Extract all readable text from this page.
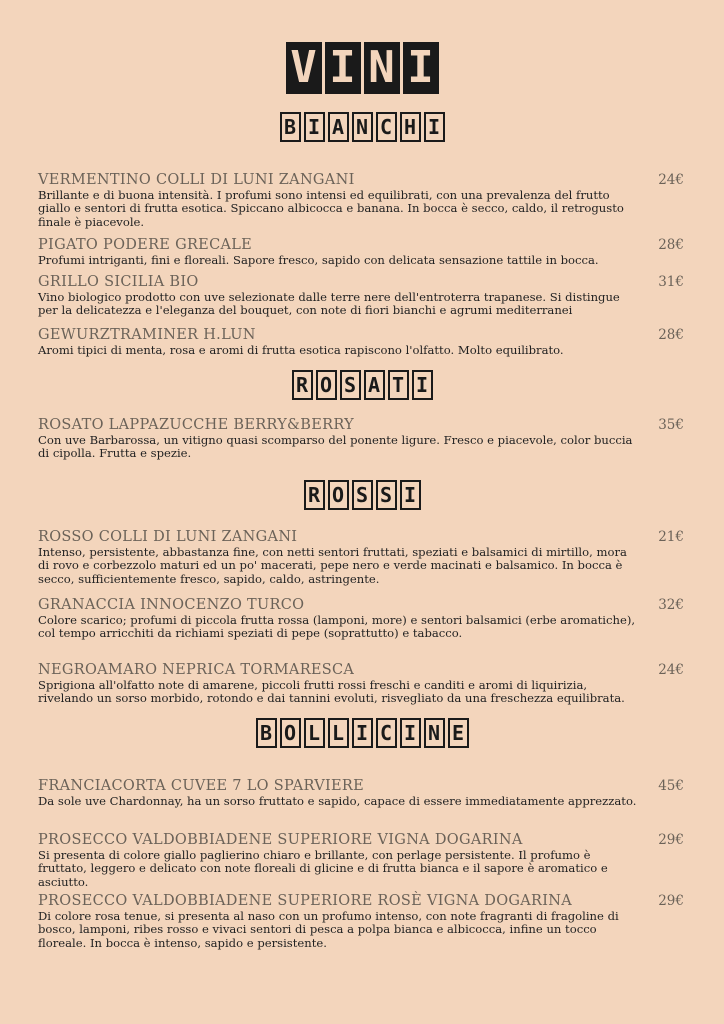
V I N I
B I A N C H I
VERMENTINO COLLI DI LUNI ZANGANI	24€
Brillante e di buona intensità. I profumi sono intensi ed equilibrati, con una prevalenza del frutto giallo e sentori di frutta esotica. Spiccano albicocca e banana. In bocca è secco, caldo, il retrogusto finale è piacevole.
PIGATO PODERE GRECALE	28€
Profumi intriganti, fini e floreali. Sapore fresco, sapido con delicata sensazione tattile in bocca.
GRILLO SICILIA BIO	31€
Vino biologico prodotto con uve selezionate dalle terre nere dell'entroterra trapanese. Si distingue per la delicatezza e l'eleganza del bouquet, con note di fiori bianchi e agrumi mediterranei
GEWURZTRAMINER H.LUN	28€
Aromi tipici di menta, rosa e aromi di frutta esotica rapiscono l'olfatto. Molto equilibrato.
R O S A T I
ROSATO LAPPAZUCCHE BERRY&BERRY	35€
Con uve Barbarossa, un vitigno quasi scomparso del ponente ligure. Fresco e piacevole, color buccia di cipolla. Frutta e spezie.
R O S S I
ROSSO COLLI DI LUNI ZANGANI	21€
Intenso, persistente, abbastanza fine, con netti sentori fruttati, speziati e balsamici di mirtillo, mora di rovo e corbezzolo maturi ed un po' macerati, pepe nero e verde macinati e balsamico. In bocca è secco, sufficientemente fresco, sapido, caldo, astringente.
GRANACCIA INNOCENZO TURCO	32€
Colore scarico; profumi di piccola frutta rossa (lamponi, more) e sentori balsamici (erbe aromatiche), col tempo arricchiti da richiami speziati di pepe (soprattutto) e tabacco.
NEGROAMARO NEPRICA TORMARESCA	24€
Sprigiona all'olfatto note di amarene, piccoli frutti rossi freschi e canditi e aromi di liquirizia, rivelando un sorso morbido, rotondo e dai tannini evoluti, risvegliato da una freschezza equilibrata.
B O L L I C I N E
FRANCIACORTA CUVEE 7 LO SPARVIERE	45€
Da sole uve Chardonnay, ha un sorso fruttato e sapido, capace di essere immediatamente apprezzato.
PROSECCO VALDOBBIADENE SUPERIORE VIGNA DOGARINA	29€
Si presenta di colore giallo paglierino chiaro e brillante, con perlage persistente. Il profumo è fruttato, leggero e delicato con note floreali di glicine e di frutta bianca e il sapore è aromatico e asciutto.
PROSECCO VALDOBBIADENE SUPERIORE ROSÈ VIGNA DOGARINA	29€
Di colore rosa tenue, si presenta al naso con un profumo intenso, con note fragranti di fragoline di bosco, lamponi, ribes rosso e vivaci sentori di pesca a polpa bianca e albicocca, infine un tocco floreale. In bocca è intenso, sapido e persistente.
